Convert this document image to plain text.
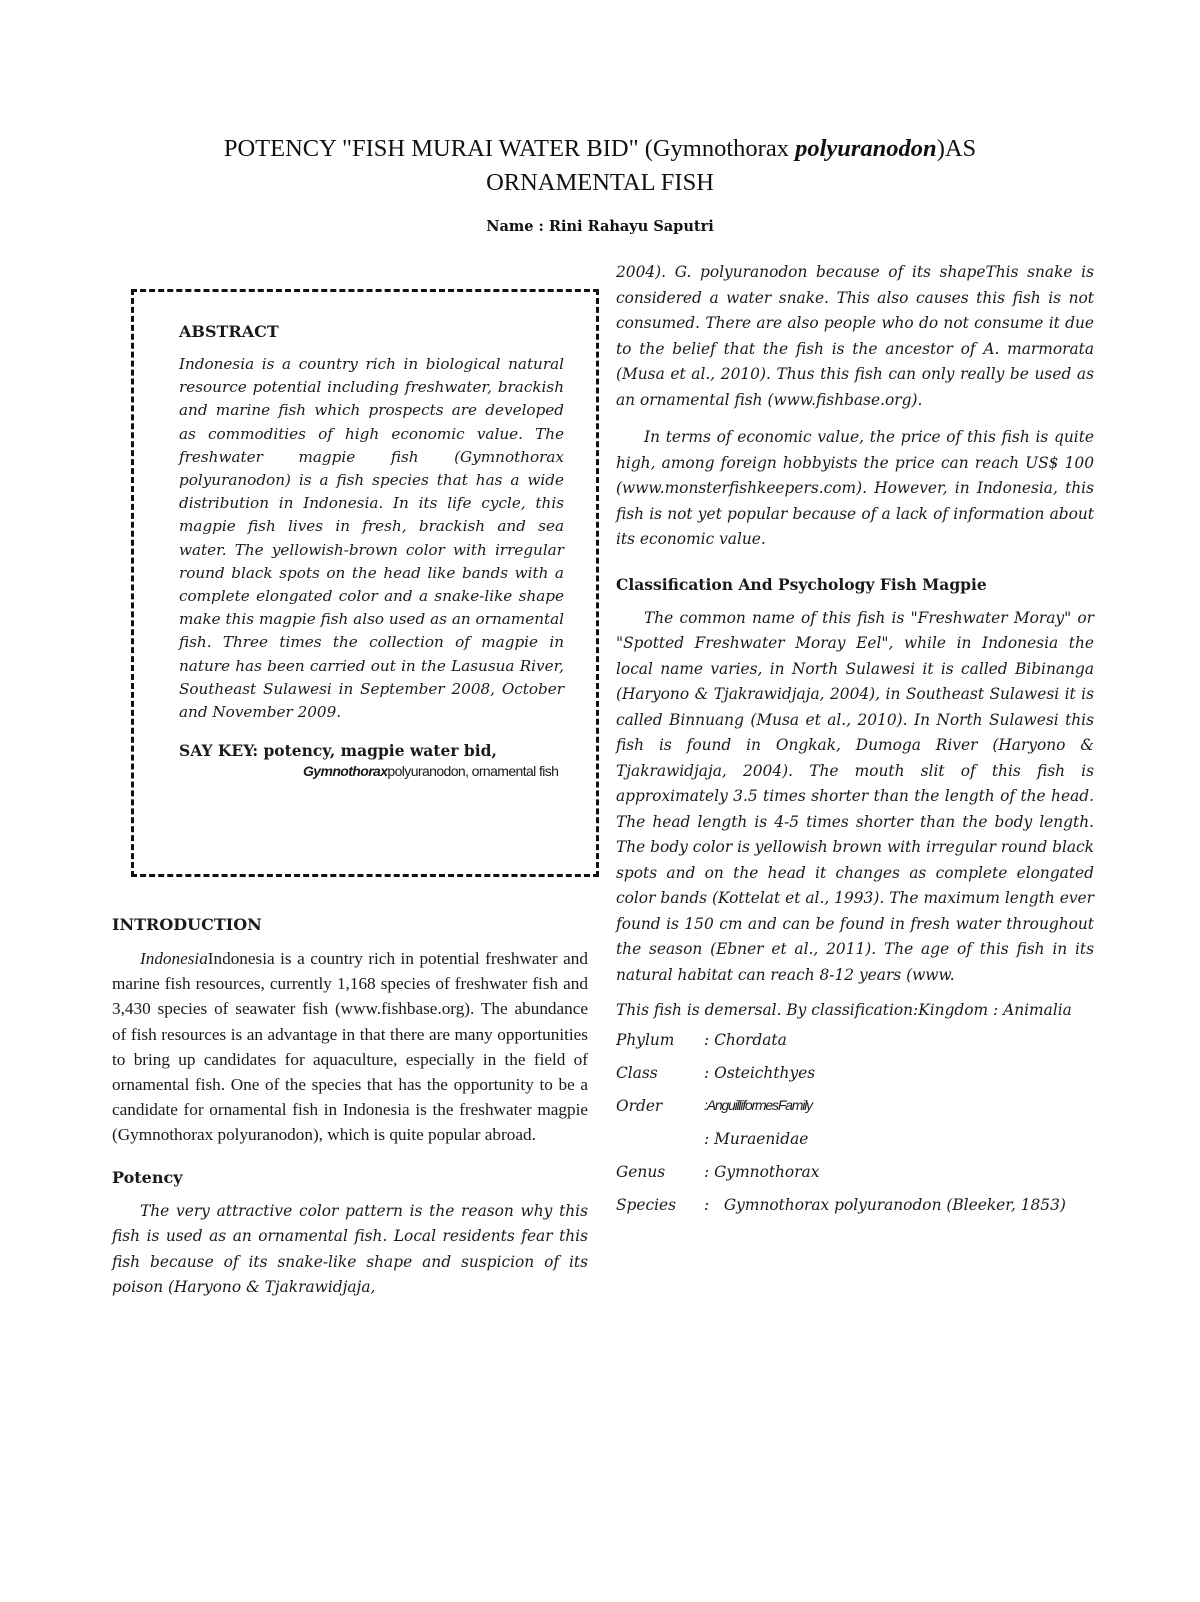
POTENCY "FISH MURAI WATER BID" (Gymnothorax polyuranodon)AS
ORNAMENTAL FISH
Name : Rini Rahayu Saputri

ABSTRACT

Indonesia is a country rich in biological natural resource potential including freshwater, brackish and marine fish which prospects are developed as commodities of high economic value. The freshwater magpie fish (Gymnothorax polyuranodon) is a fish species that has a wide distribution in Indonesia. In its life cycle, this magpie fish lives in fresh, brackish and sea water. The yellowish-brown color with irregular round black spots on the head like bands with a complete elongated color and a snake-like shape make this magpie fish also used as an ornamental fish. Three times the collection of magpie in nature has been carried out in the Lasusua River, Southeast Sulawesi in September 2008, October and November 2009.

SAY KEY: potency, magpie water bid,
Gymnothoraxpolyuranodon, ornamental fish

INTRODUCTION

IndonesiaIndonesia is a country rich in potential freshwater and marine fish resources, currently 1,168 species of freshwater fish and 3,430 species of seawater fish (www.fishbase.org). The abundance of fish resources is an advantage in that there are many opportunities to bring up candidates for aquaculture, especially in the field of ornamental fish. One of the species that has the opportunity to be a candidate for ornamental fish in Indonesia is the freshwater magpie (Gymnothorax polyuranodon), which is quite popular abroad.

Potency

The very attractive color pattern is the reason why this fish is used as an ornamental fish. Local residents fear this fish because of its snake-like shape and suspicion of its poison (Haryono & Tjakrawidjaja,

2004). G. polyuranodon because of its shapeThis snake is considered a water snake. This also causes this fish is not consumed. There are also people who do not consume it due to the belief that the fish is the ancestor of A. marmorata (Musa et al., 2010). Thus this fish can only really be used as an ornamental fish (www.fishbase.org).

In terms of economic value, the price of this fish is quite high, among foreign hobbyists the price can reach US$ 100 (www.monsterfishkeepers.com). However, in Indonesia, this fish is not yet popular because of a lack of information about its economic value.

Classification And Psychology Fish Magpie

The common name of this fish is "Freshwater Moray" or "Spotted Freshwater Moray Eel", while in Indonesia the local name varies, in North Sulawesi it is called Bibinanga (Haryono & Tjakrawidjaja, 2004), in Southeast Sulawesi it is called Binnuang (Musa et al., 2010). In North Sulawesi this fish is found in Ongkak, Dumoga River (Haryono & Tjakrawidjaja, 2004). The mouth slit of this fish is approximately 3.5 times shorter than the length of the head. The head length is 4-5 times shorter than the body length. The body color is yellowish brown with irregular round black spots and on the head it changes as complete elongated color bands (Kottelat et al., 1993). The maximum length ever found is 150 cm and can be found in fresh water throughout the season (Ebner et al., 2011). The age of this fish in its natural habitat can reach 8-12 years (www.

This fish is demersal. By classification:Kingdom : Animalia

Phylum	: Chordata
Class	: Osteichthyes
Order	:AnguilliformesFamily
	: Muraenidae
Genus	: Gymnothorax
Species	:   Gymnothorax polyuranodon (Bleeker, 1853)
